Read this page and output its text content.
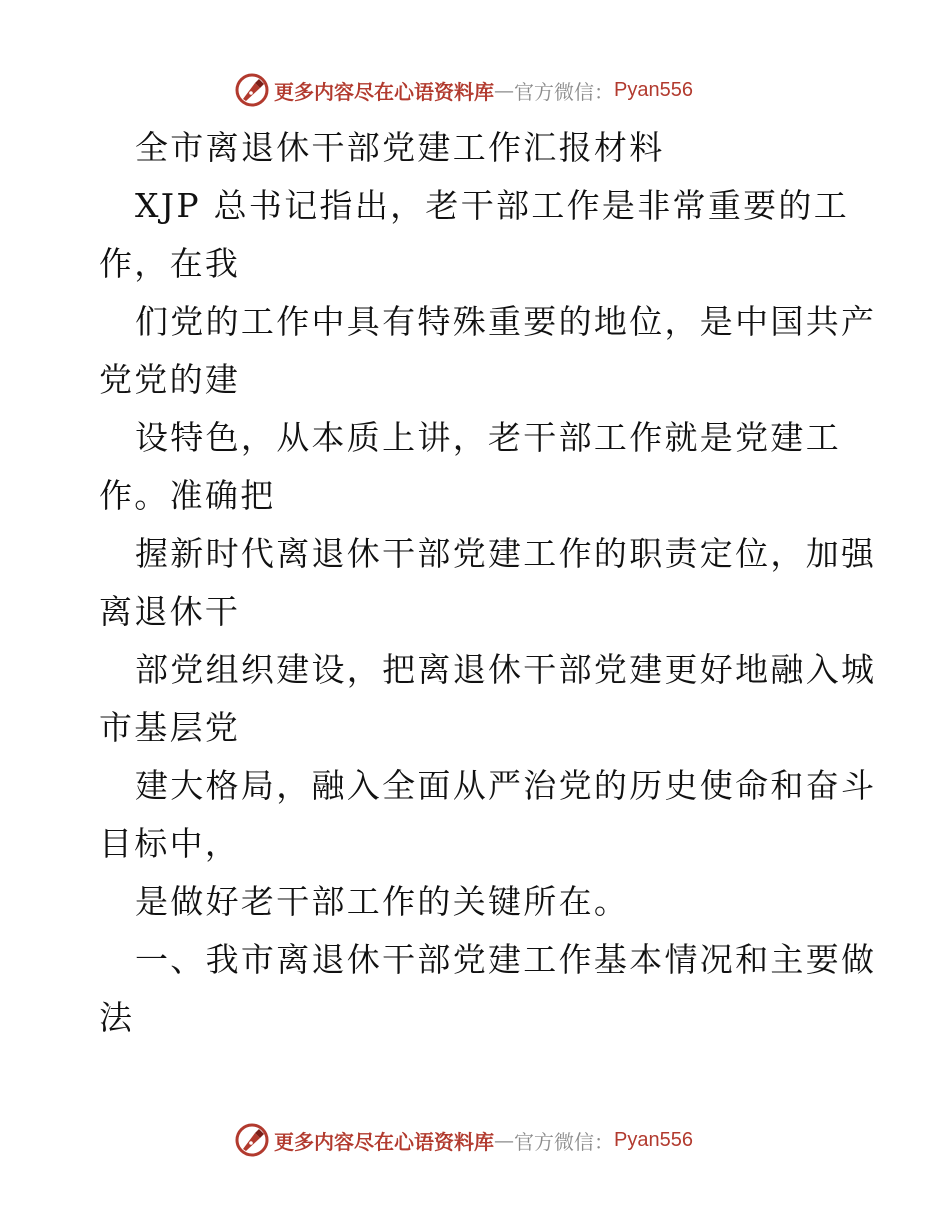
更多内容尽在心语资料库 — 官方微信： Pyan556
全市离退休干部党建工作汇报材料
XJP 总书记指出，老干部工作是非常重要的工
作，在我
们党的工作中具有特殊重要的地位，是中国共产
党党的建
设特色，从本质上讲，老干部工作就是党建工
作。准确把
握新时代离退休干部党建工作的职责定位，加强
离退休干
部党组织建设，把离退休干部党建更好地融入城
市基层党
建大格局，融入全面从严治党的历史使命和奋斗
目标中，
是做好老干部工作的关键所在。
一、我市离退休干部党建工作基本情况和主要做
法
更多内容尽在心语资料库 — 官方微信： Pyan556
